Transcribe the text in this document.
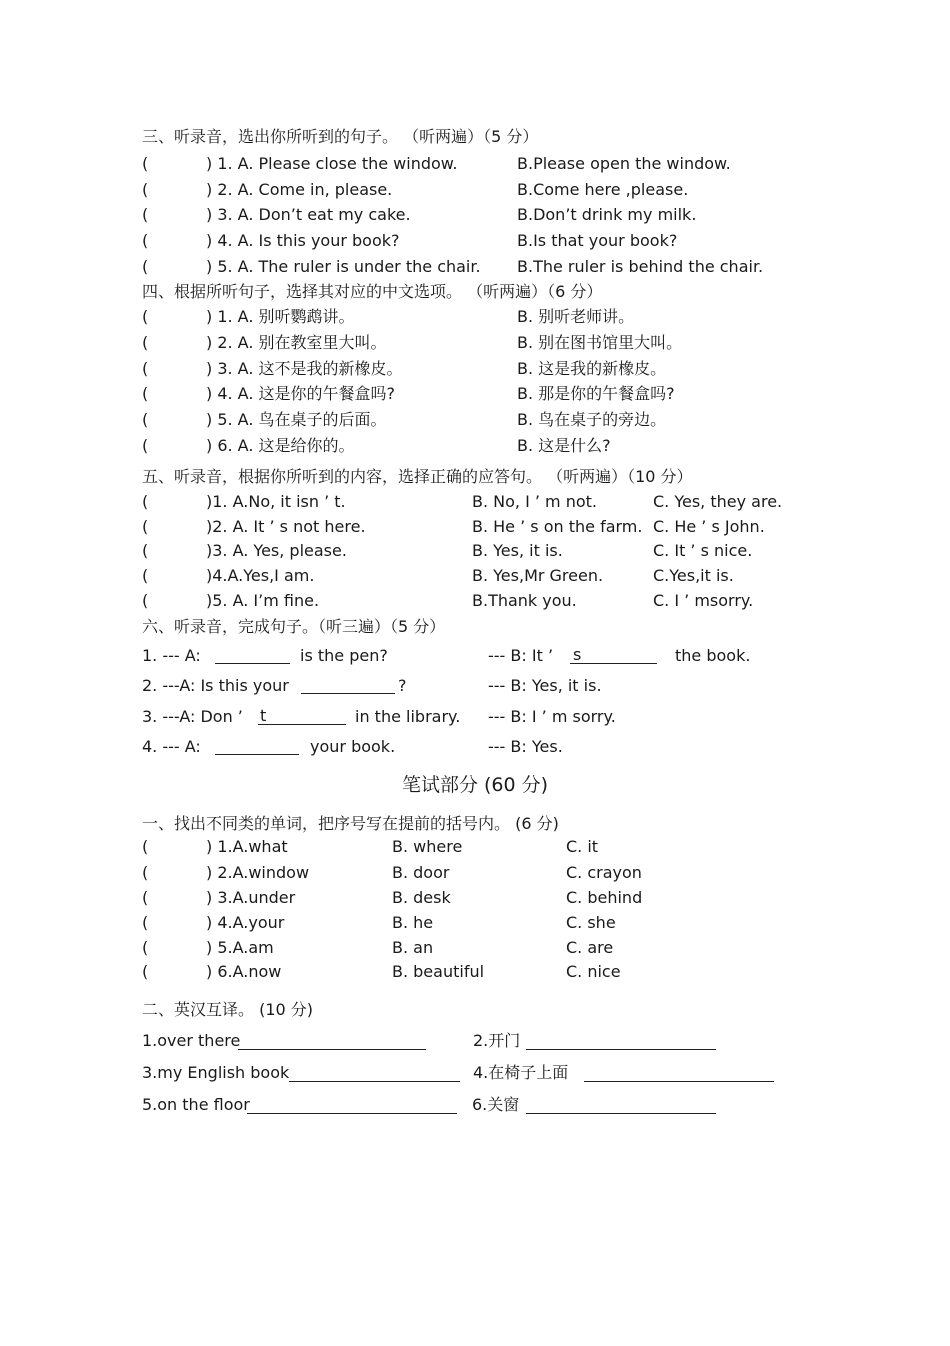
三、听录音，选出你所听到的句子。 （听两遍）（5 分）
(	) 1. A. Please close the window.	B.Please open the window.
(	) 2. A. Come in, please.	B.Come here ,please.
(	) 3. A. Don’t eat my cake.	B.Don’t drink my milk.
(	) 4. A. Is this your book?	B.Is that your book?
(	) 5. A. The ruler is under the chair. B.The ruler is behind the chair.
四、根据所听句子，选择其对应的中文选项。 （听两遍）（6 分）
(	) 1. A. 别听鹦鹉讲。	B. 别听老师讲。
(	) 2. A. 别在教室里大叫。	B. 别在图书馆里大叫。
(	) 3. A. 这不是我的新橡皮。	B. 这是我的新橡皮。
(	) 4. A. 这是你的午餐盒吗?	B. 那是你的午餐盒吗?
(	) 5. A. 鸟在桌子的后面。	B. 鸟在桌子的旁边。
(	) 6. A. 这是给你的。	B. 这是什么?
五、听录音，根据你所听到的内容，选择正确的应答句。 （听两遍）（10 分）
(	)1. A.No, it isn ’ t.	B. No, I ’ m not.	C. Yes, they are.
(	)2. A. It ’ s not here.	B. He ’ s on the farm. C. He ’ s John.
(	)3. A. Yes, please.	B. Yes, it is.	C. It ’ s nice.
(	)4.A.Yes,I am.	B. Yes,Mr Green.	C.Yes,it is.
(	)5. A. I’m fine.	B.Thank you.	C. I ’ msorry.
六、听录音，完成句子。（听三遍）（5 分）
1. --- A:	is the pen?	--- B: It ’ s	the book.
2. ---A: Is this your	?	--- B: Yes, it is.
3. ---A: Don ’ t	in the library. --- B: I ’ m sorry.
4. --- A:	your book.	--- B: Yes.
笔试部分 (60 分)
一、找出不同类的单词，把序号写在提前的括号内。 (6 分)
(	) 1.A.what	B. where	C. it
(	) 2.A.window	B. door	C. crayon
(	) 3.A.under	B. desk	C. behind
(	) 4.A.your	B. he	C. she
(	) 5.A.am	B. an	C. are
(	) 6.A.now	B. beautiful	C. nice
二、英汉互译。 (10 分)
1.over there	2.开门
3.my English book	4.在椅子上面
5.on the floor	6.关窗
